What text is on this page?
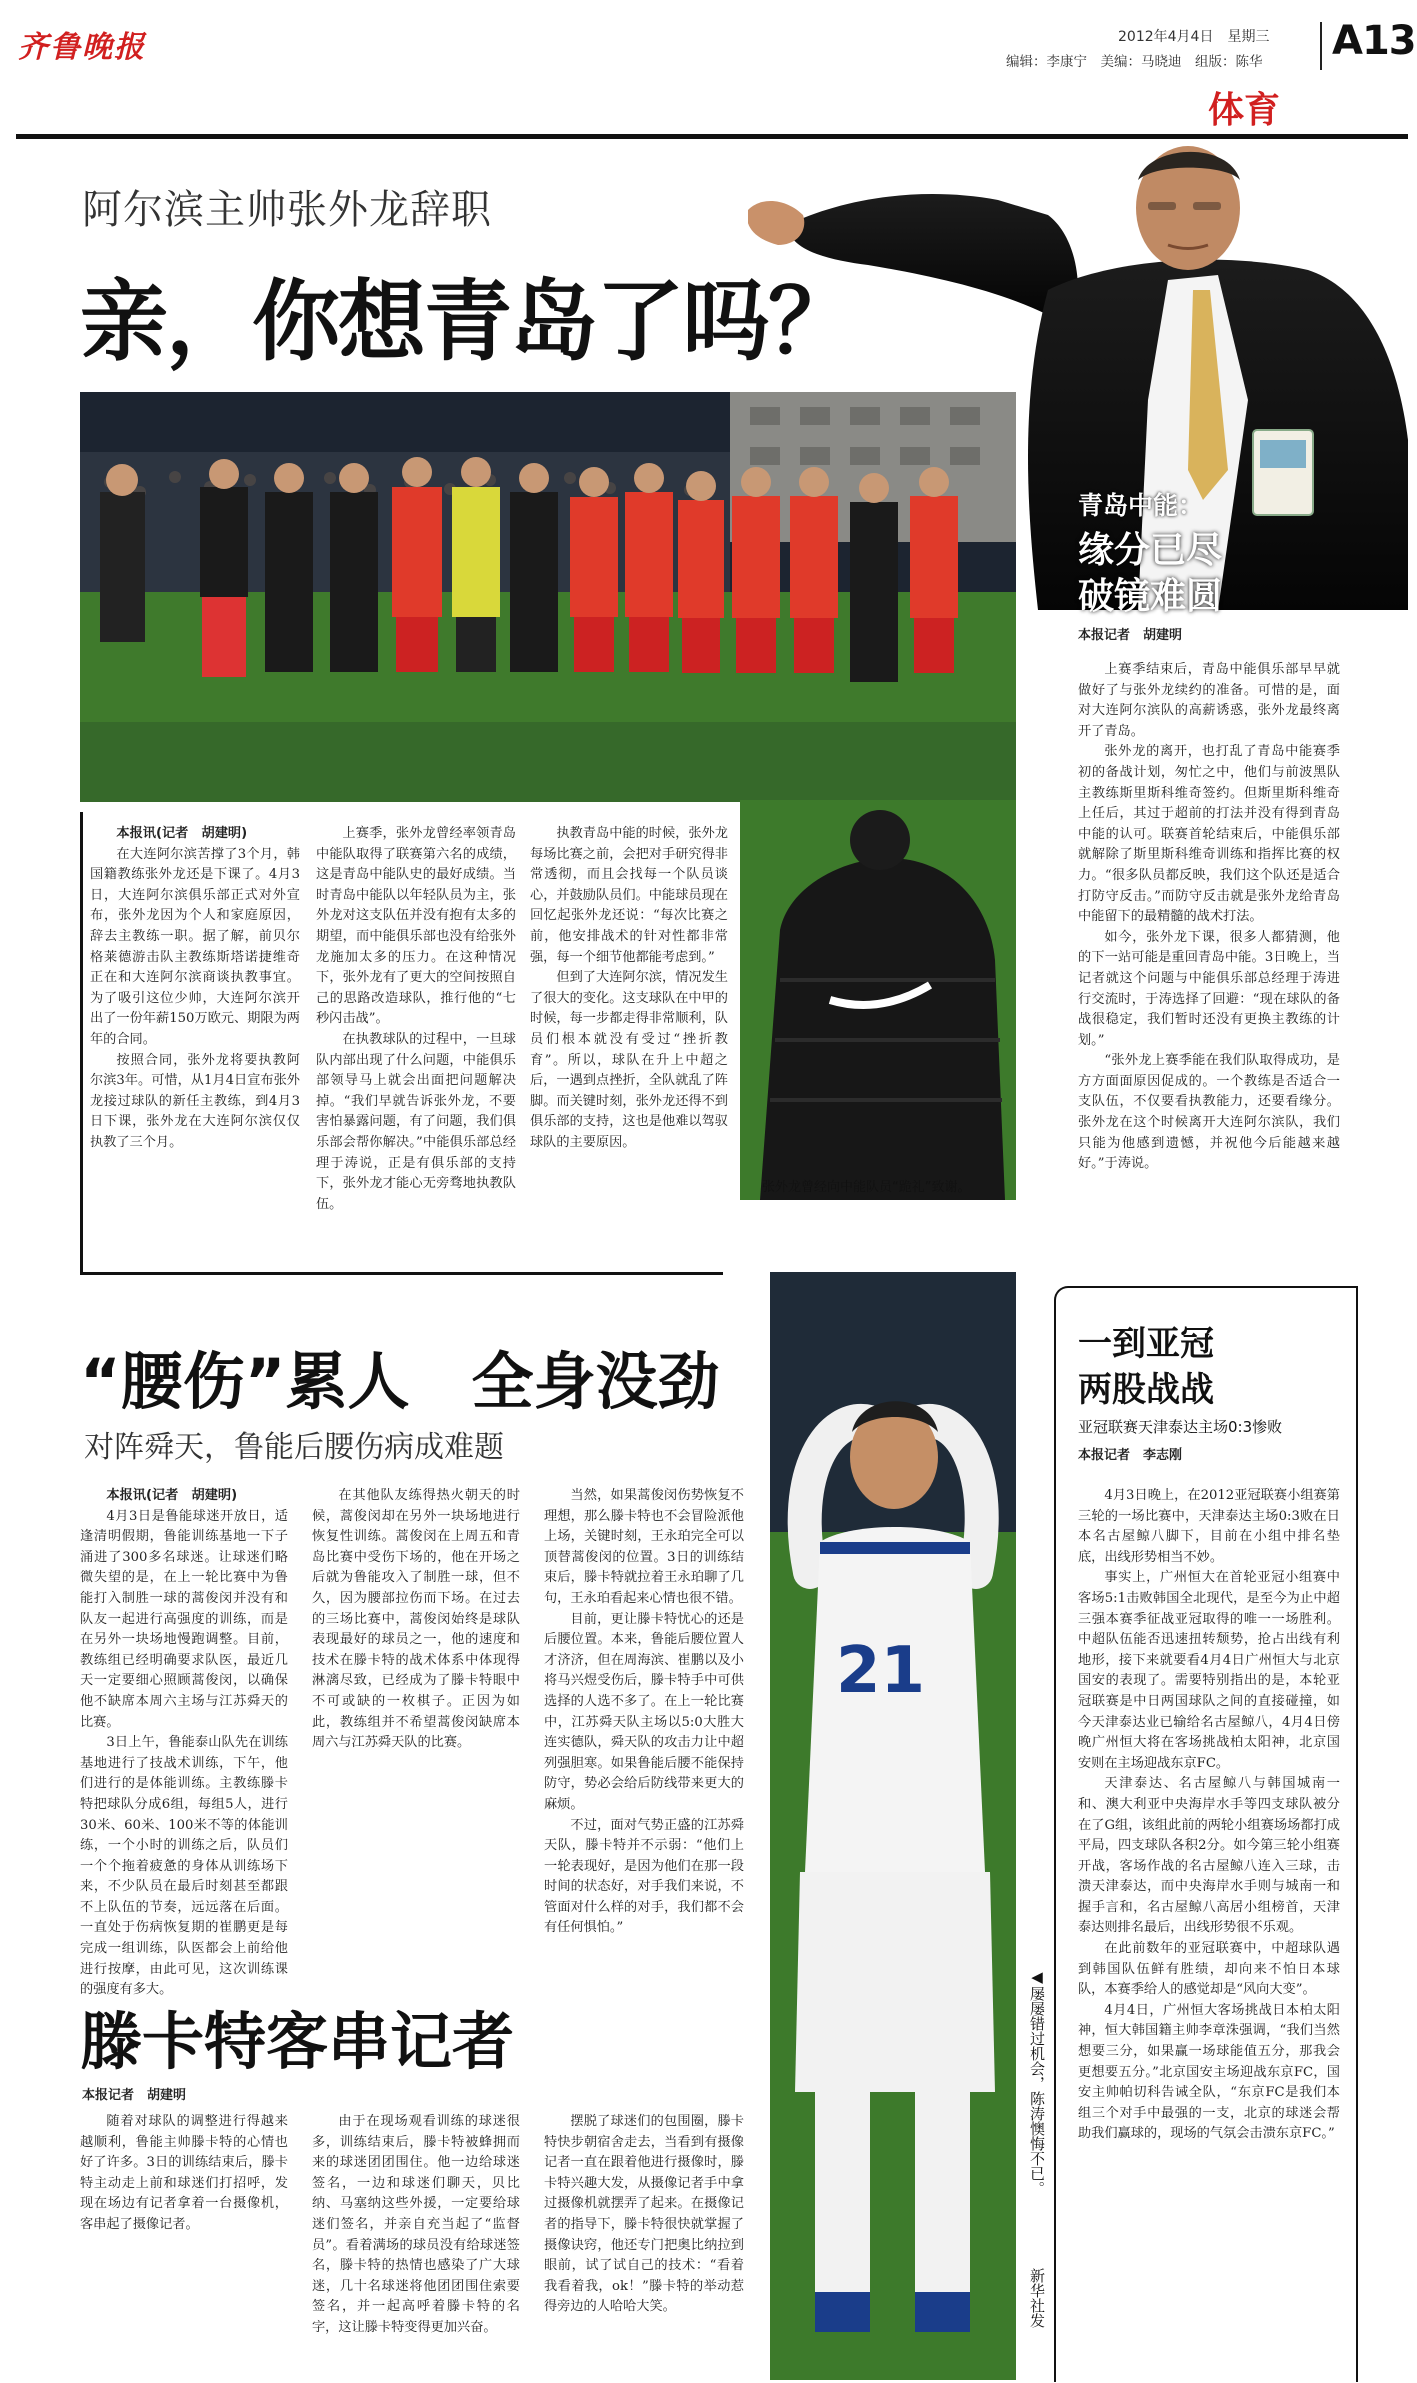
齐鲁晚报	2012年4月4日　星期三
编辑：李康宁　美编：马晓迪　组版：陈华 A13
体育
阿尔滨主帅张外龙辞职
亲，你想青岛了吗？
张外龙曾经向中能队员“跪礼”致谢。

本报讯(记者　胡建明)

在大连阿尔滨苦撑了3个月，韩国籍教练张外龙还是下课了。4月3日，大连阿尔滨俱乐部正式对外宣布，张外龙因为个人和家庭原因，辞去主教练一职。据了解，前贝尔格莱德游击队主教练斯塔诺捷维奇正在和大连阿尔滨商谈执教事宜。为了吸引这位少帅，大连阿尔滨开出了一份年薪150万欧元、期限为两年的合同。

按照合同，张外龙将要执教阿尔滨3年。可惜，从1月4日宣布张外龙接过球队的新任主教练，到4月3日下课，张外龙在大连阿尔滨仅仅执教了三个月。

上赛季，张外龙曾经率领青岛中能队取得了联赛第六名的成绩，这是青岛中能队史的最好成绩。当时青岛中能队以年轻队员为主，张外龙对这支队伍并没有抱有太多的期望，而中能俱乐部也没有给张外龙施加太多的压力。在这种情况下，张外龙有了更大的空间按照自己的思路改造球队，推行他的“七秒闪击战”。

在执教球队的过程中，一旦球队内部出现了什么问题，中能俱乐部领导马上就会出面把问题解决掉。“我们早就告诉张外龙，不要害怕暴露问题，有了问题，我们俱乐部会帮你解决。”中能俱乐部总经理于涛说，正是有俱乐部的支持下，张外龙才能心无旁骛地执教队伍。

执教青岛中能的时候，张外龙每场比赛之前，会把对手研究得非常透彻，而且会找每一个队员谈心，并鼓励队员们。中能球员现在回忆起张外龙还说：“每次比赛之前，他安排战术的针对性都非常强，每一个细节他都能考虑到。”

但到了大连阿尔滨，情况发生了很大的变化。这支球队在中甲的时候，每一步都走得非常顺利，队员们根本就没有受过“挫折教育”。所以，球队在升上中超之后，一遇到点挫折，全队就乱了阵脚。而关键时刻，张外龙还得不到俱乐部的支持，这也是他难以驾驭球队的主要原因。

青岛中能：
缘分已尽
破镜难圆
本报记者　胡建明

上赛季结束后，青岛中能俱乐部早早就做好了与张外龙续约的准备。可惜的是，面对大连阿尔滨队的高薪诱惑，张外龙最终离开了青岛。

张外龙的离开，也打乱了青岛中能赛季初的备战计划，匆忙之中，他们与前波黑队主教练斯里斯科维奇签约。但斯里斯科维奇上任后，其过于超前的打法并没有得到青岛中能的认可。联赛首轮结束后，中能俱乐部就解除了斯里斯科维奇训练和指挥比赛的权力。“很多队员都反映，我们这个队还是适合打防守反击。”而防守反击就是张外龙给青岛中能留下的最精髓的战术打法。

如今，张外龙下课，很多人都猜测，他的下一站可能是重回青岛中能。3日晚上，当记者就这个问题与中能俱乐部总经理于涛进行交流时，于涛选择了回避：“现在球队的备战很稳定，我们暂时还没有更换主教练的计划。”

“张外龙上赛季能在我们队取得成功，是方方面面原因促成的。一个教练是否适合一支队伍，不仅要看执教能力，还要看缘分。张外龙在这个时候离开大连阿尔滨队，我们只能为他感到遗憾，并祝他今后能越来越好。”于涛说。

“腰伤”累人　全身没劲
对阵舜天，鲁能后腰伤病成难题

本报讯(记者　胡建明)

4月3日是鲁能球迷开放日，适逢清明假期，鲁能训练基地一下子涌进了300多名球迷。让球迷们略微失望的是，在上一轮比赛中为鲁能打入制胜一球的蒿俊闵并没有和队友一起进行高强度的训练，而是在另外一块场地慢跑调整。目前，教练组已经明确要求队医，最近几天一定要细心照顾蒿俊闵，以确保他不缺席本周六主场与江苏舜天的比赛。

3日上午，鲁能泰山队先在训练基地进行了技战术训练，下午，他们进行的是体能训练。主教练滕卡特把球队分成6组，每组5人，进行30米、60米、100米不等的体能训练，一个小时的训练之后，队员们一个个拖着疲惫的身体从训练场下来，不少队员在最后时刻甚至都跟不上队伍的节奏，远远落在后面。一直处于伤病恢复期的崔鹏更是每完成一组训练，队医都会上前给他进行按摩，由此可见，这次训练课的强度有多大。

在其他队友练得热火朝天的时候，蒿俊闵却在另外一块场地进行恢复性训练。蒿俊闵在上周五和青岛比赛中受伤下场的，他在开场之后就为鲁能攻入了制胜一球，但不久，因为腰部拉伤而下场。在过去的三场比赛中，蒿俊闵始终是球队表现最好的球员之一，他的速度和技术在滕卡特的战术体系中体现得淋漓尽致，已经成为了滕卡特眼中不可或缺的一枚棋子。正因为如此，教练组并不希望蒿俊闵缺席本周六与江苏舜天队的比赛。

当然，如果蒿俊闵伤势恢复不理想，那么滕卡特也不会冒险派他上场，关键时刻，王永珀完全可以顶替蒿俊闵的位置。3日的训练结束后，滕卡特就拉着王永珀聊了几句，王永珀看起来心情也很不错。

目前，更让滕卡特忧心的还是后腰位置。本来，鲁能后腰位置人才济济，但在周海滨、崔鹏以及小将马兴煜受伤后，滕卡特手中可供选择的人选不多了。在上一轮比赛中，江苏舜天队主场以5:0大胜大连实德队，舜天队的攻击力让中超列强胆寒。如果鲁能后腰不能保持防守，势必会给后防线带来更大的麻烦。

不过，面对气势正盛的江苏舜天队，滕卡特并不示弱：“他们上一轮表现好，是因为他们在那一段时间的状态好，对手我们来说，不管面对什么样的对手，我们都不会有任何惧怕。”

21
◀屡屡错过机会，陈涛懊悔不已。
新华社发
滕卡特客串记者
本报记者　胡建明

随着对球队的调整进行得越来越顺利，鲁能主帅滕卡特的心情也好了许多。3日的训练结束后，滕卡特主动走上前和球迷们打招呼，发现在场边有记者拿着一台摄像机，客串起了摄像记者。

由于在现场观看训练的球迷很多，训练结束后，滕卡特被蜂拥而来的球迷团团围住。他一边给球迷签名，一边和球迷们聊天，贝比纳、马塞纳这些外援，一定要给球迷们签名，并亲自充当起了“监督员”。看着满场的球员没有给球迷签名，滕卡特的热情也感染了广大球迷，几十名球迷将他团团围住索要签名，并一起高呼着滕卡特的名字，这让滕卡特变得更加兴奋。

摆脱了球迷们的包围圈，滕卡特快步朝宿舍走去，当看到有摄像记者一直在跟着他进行摄像时，滕卡特兴趣大发，从摄像记者手中拿过摄像机就摆弄了起来。在摄像记者的指导下，滕卡特很快就掌握了摄像诀窍，他还专门把奥比纳拉到眼前，试了试自己的技术：“看着我看着我，ok！”滕卡特的举动惹得旁边的人哈哈大笑。

一到亚冠
两股战战
亚冠联赛天津泰达主场0:3惨败
本报记者　李志刚

4月3日晚上，在2012亚冠联赛小组赛第三轮的一场比赛中，天津泰达主场0:3败在日本名古屋鲸八脚下，目前在小组中排名垫底，出线形势相当不妙。

事实上，广州恒大在首轮亚冠小组赛中客场5:1击败韩国全北现代，是至今为止中超三强本赛季征战亚冠取得的唯一一场胜利。中超队伍能否迅速扭转颓势，抢占出线有利地形，接下来就要看4月4日广州恒大与北京国安的表现了。需要特别指出的是，本轮亚冠联赛是中日两国球队之间的直接碰撞，如今天津泰达业已输给名古屋鲸八，4月4日傍晚广州恒大将在客场挑战柏太阳神，北京国安则在主场迎战东京FC。

天津泰达、名古屋鲸八与韩国城南一和、澳大利亚中央海岸水手等四支球队被分在了G组，该组此前的两轮小组赛场场都打成平局，四支球队各积2分。如今第三轮小组赛开战，客场作战的名古屋鲸八连入三球，击溃天津泰达，而中央海岸水手则与城南一和握手言和，名古屋鲸八高居小组榜首，天津泰达则排名最后，出线形势很不乐观。

在此前数年的亚冠联赛中，中超球队遇到韩国队伍鲜有胜绩，却向来不怕日本球队，本赛季给人的感觉却是“风向大变”。

4月4日，广州恒大客场挑战日本柏太阳神，恒大韩国籍主帅李章洙强调，“我们当然想要三分，如果赢一场球能值五分，那我会更想要五分。”北京国安主场迎战东京FC，国安主帅帕切科告诫全队，“东京FC是我们本组三个对手中最强的一支，北京的球迷会帮助我们赢球的，现场的气氛会击溃东京FC。”
